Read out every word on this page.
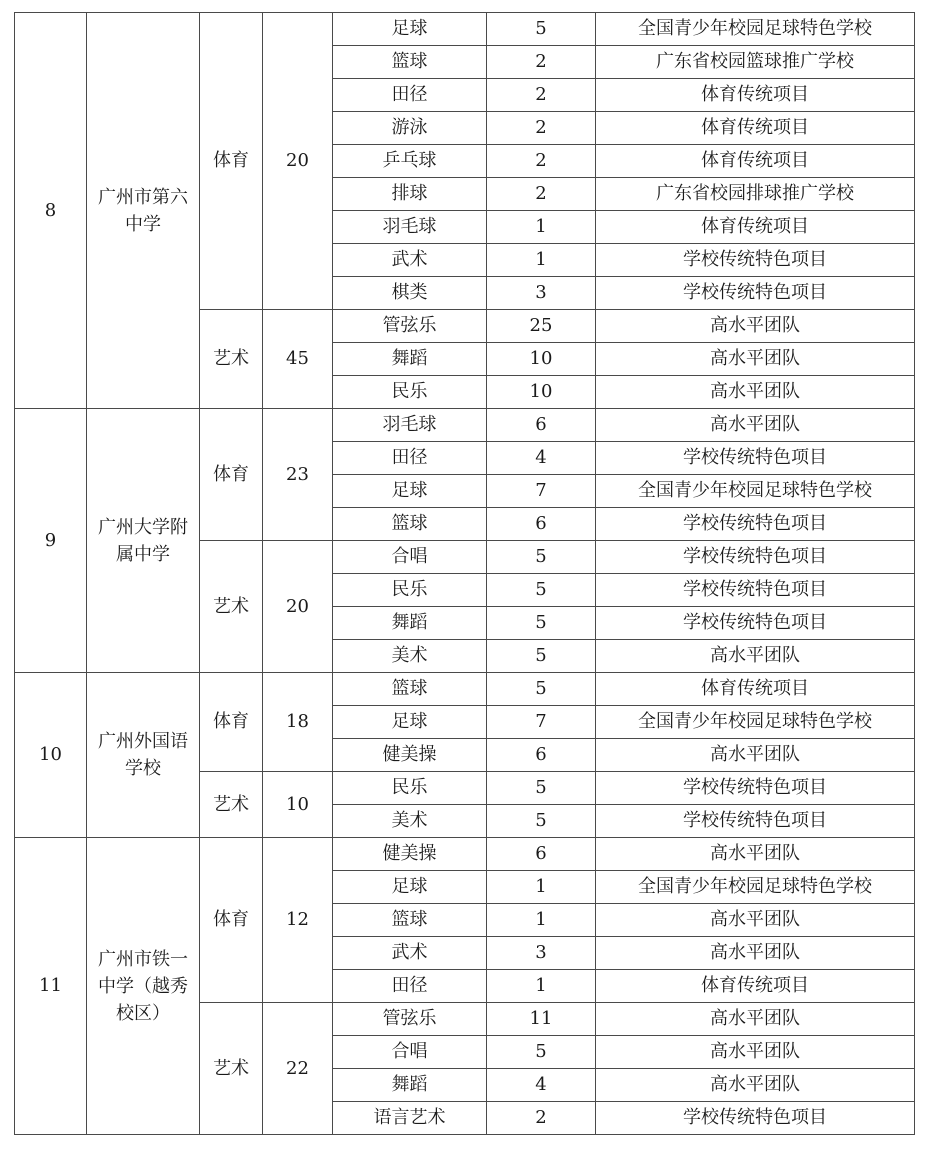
8	广州市第六中学	体育	20	足球	5	全国青少年校园足球特色学校
				篮球	2	广东省校园篮球推广学校
				田径	2	体育传统项目
				游泳	2	体育传统项目
				乒乓球	2	体育传统项目
				排球	2	广东省校园排球推广学校
				羽毛球	1	体育传统项目
				武术	1	学校传统特色项目
				棋类	3	学校传统特色项目
		艺术	45	管弦乐	25	高水平团队
				舞蹈	10	高水平团队
				民乐	10	高水平团队
9	广州大学附属中学	体育	23	羽毛球	6	高水平团队
				田径	4	学校传统特色项目
				足球	7	全国青少年校园足球特色学校
				篮球	6	学校传统特色项目
		艺术	20	合唱	5	学校传统特色项目
				民乐	5	学校传统特色项目
				舞蹈	5	学校传统特色项目
				美术	5	高水平团队
10	广州外国语学校	体育	18	篮球	5	体育传统项目
				足球	7	全国青少年校园足球特色学校
				健美操	6	高水平团队
		艺术	10	民乐	5	学校传统特色项目
				美术	5	学校传统特色项目
11	广州市铁一中学（越秀校区）	体育	12	健美操	6	高水平团队
				足球	1	全国青少年校园足球特色学校
				篮球	1	高水平团队
				武术	3	高水平团队
				田径	1	体育传统项目
		艺术	22	管弦乐	11	高水平团队
				合唱	5	高水平团队
				舞蹈	4	高水平团队
				语言艺术	2	学校传统特色项目
